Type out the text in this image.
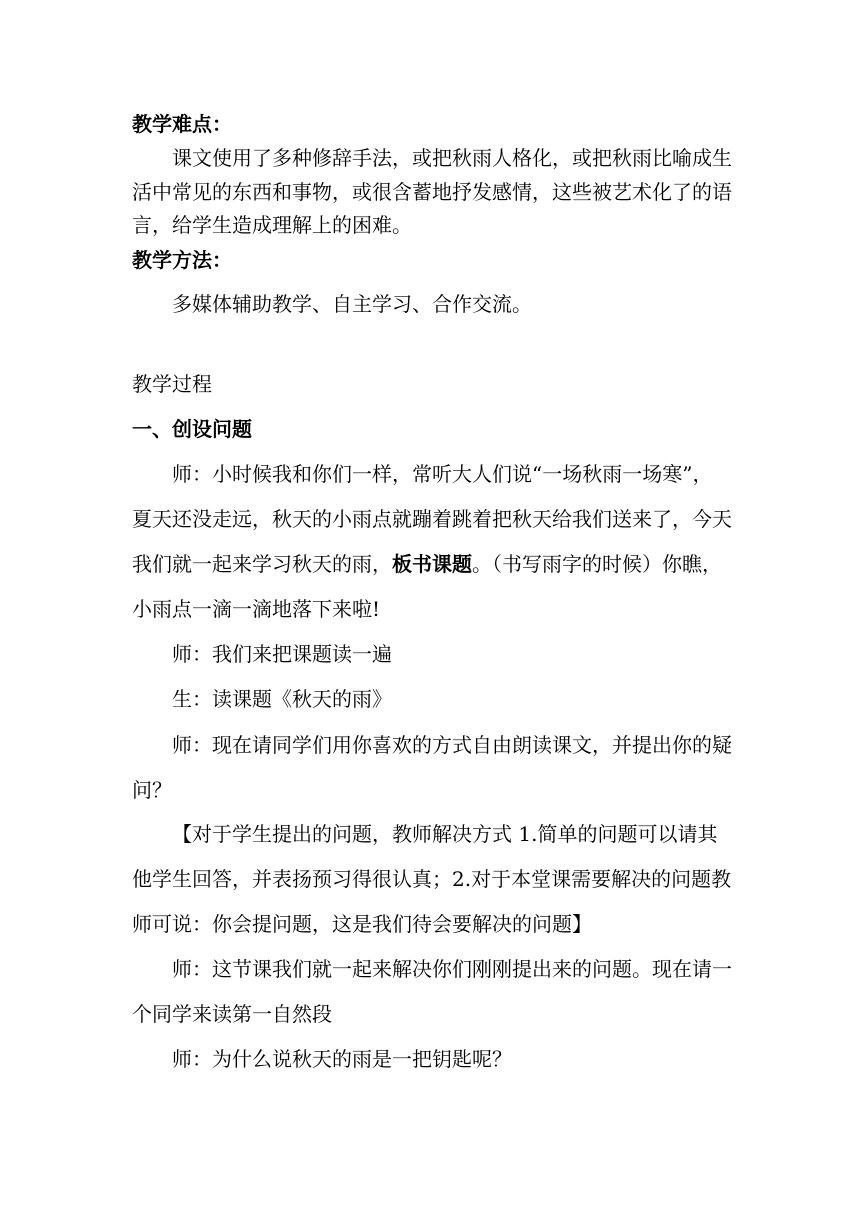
教学难点：

课文使用了多种修辞手法，或把秋雨人格化，或把秋雨比喻成生

活中常见的东西和事物，或很含蓄地抒发感情，这些被艺术化了的语

言，给学生造成理解上的困难。

教学方法：

多媒体辅助教学、自主学习、合作交流。

教学过程

一、创设问题

师：小时候我和你们一样，常听大人们说“一场秋雨一场寒”，

夏天还没走远，秋天的小雨点就蹦着跳着把秋天给我们送来了，今天

我们就一起来学习秋天的雨，板书课题。（书写雨字的时候）你瞧，

小雨点一滴一滴地落下来啦!

师：我们来把课题读一遍

生：读课题《秋天的雨》

师：现在请同学们用你喜欢的方式自由朗读课文，并提出你的疑

问？

【对于学生提出的问题，教师解决方式 1.简单的问题可以请其

他学生回答，并表扬预习得很认真；2.对于本堂课需要解决的问题教

师可说：你会提问题，这是我们待会要解决的问题】

师：这节课我们就一起来解决你们刚刚提出来的问题。现在请一

个同学来读第一自然段

师：为什么说秋天的雨是一把钥匙呢？
